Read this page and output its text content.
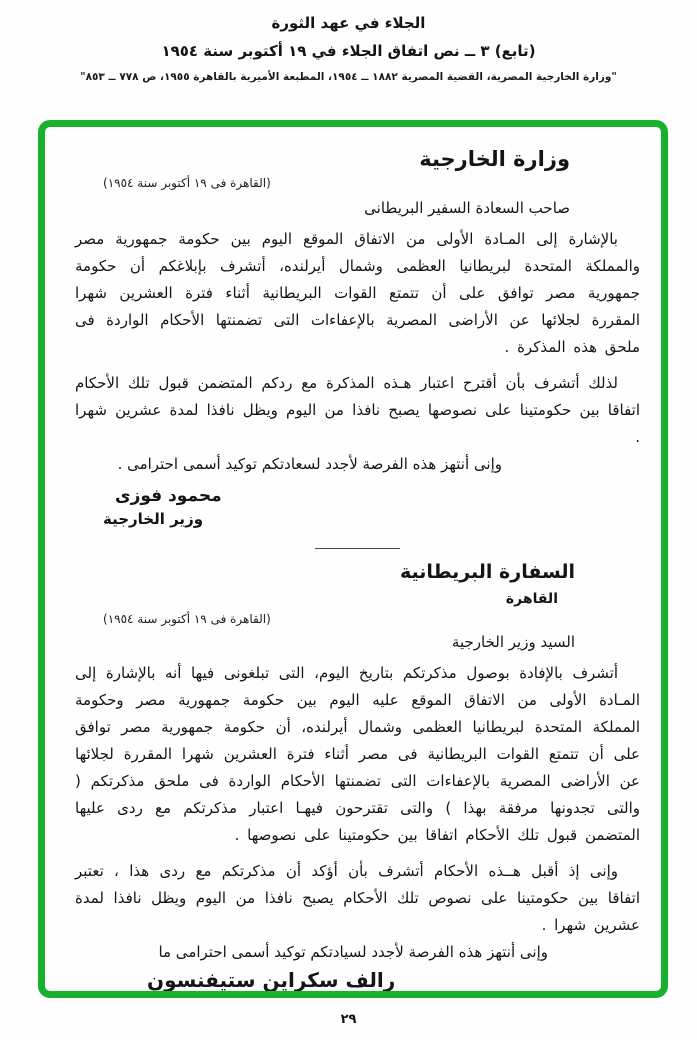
الجلاء في عهد الثورة
(تابع) ٣ ــ نص اتفاق الجلاء في ١٩ أكتوبر سنة ١٩٥٤
"وزارة الخارجية المصرية، القضية المصرية ١٨٨٢ ــ ١٩٥٤، المطبعة الأميرية بالقاهرة ١٩٥٥، ص ٧٧٨ ــ ٨٥٣"
وزارة الخارجية
(القاهرة فى ١٩ أكتوبر سنة ١٩٥٤)
صاحب السعادة السفير البريطانى

بالإشارة إلى المـادة الأولى من الاتفاق الموقع اليوم بين حكومة جمهورية مصر والمملكة المتحدة لبريطانيا العظمى وشمال أيرلنده، أتشرف بإبلاغكم أن حكومة جمهورية مصر توافق على أن تتمتع القوات البريطانية أثناء فترة العشرين شهرا المقررة لجلائها عن الأراضى المصرية بالإعفاءات التى تضمنتها الأحكام الواردة فى ملحق هذه المذكرة .

لذلك أتشرف بأن أقترح اعتبار هـذه المذكرة مع ردكم المتضمن قبول تلك الأحكام اتفاقا بين حكومتينا على نصوصها يصبح نافذا من اليوم ويظل نافذا لمدة عشرين شهرا .

وإنى أنتهز هذه الفرصة لأجدد لسعادتكم توكيد أسمى احترامى .
محمود فوزى
وزير الخارجية
السفارة البريطانية
القاهرة
(القاهرة فى ١٩ أكتوبر سنة ١٩٥٤)
السيد وزير الخارجية

أتشرف بالإفادة بوصول مذكرتكم بتاريخ اليوم، التى تبلغونى فيها أنه بالإشارة إلى المـادة الأولى من الاتفاق الموقع عليه اليوم بين حكومة جمهورية مصر وحكومة المملكة المتحدة لبريطانيا العظمى وشمال أيرلنده، أن حكومة جمهورية مصر توافق على أن تتمتع القوات البريطانية فى مصر أثناء فترة العشرين شهرا المقررة لجلائها عن الأراضى المصرية بالإعفاءات التى تضمنتها الأحكام الواردة فى ملحق مذكرتكم ( والتى تجدونها مرفقة بهذا ) والتى تقترحون فيهـا اعتبار مذكرتكم مع ردى عليها المتضمن قبول تلك الأحكام اتفاقا بين حكومتينا على نصوصها .

وإنى إذ أقبل هــذه الأحكام أتشرف بأن أؤكد أن مذكرتكم مع ردى هذا ، تعتبر اتفاقا بين حكومتينا على نصوص تلك الأحكام يصبح نافذا من اليوم ويظل نافذا لمدة عشرين شهرا .

وإنى أنتهز هذه الفرصة لأجدد لسيادتكم توكيد أسمى احترامى ما
رالف سكراين ستيفنسون
٢٩
